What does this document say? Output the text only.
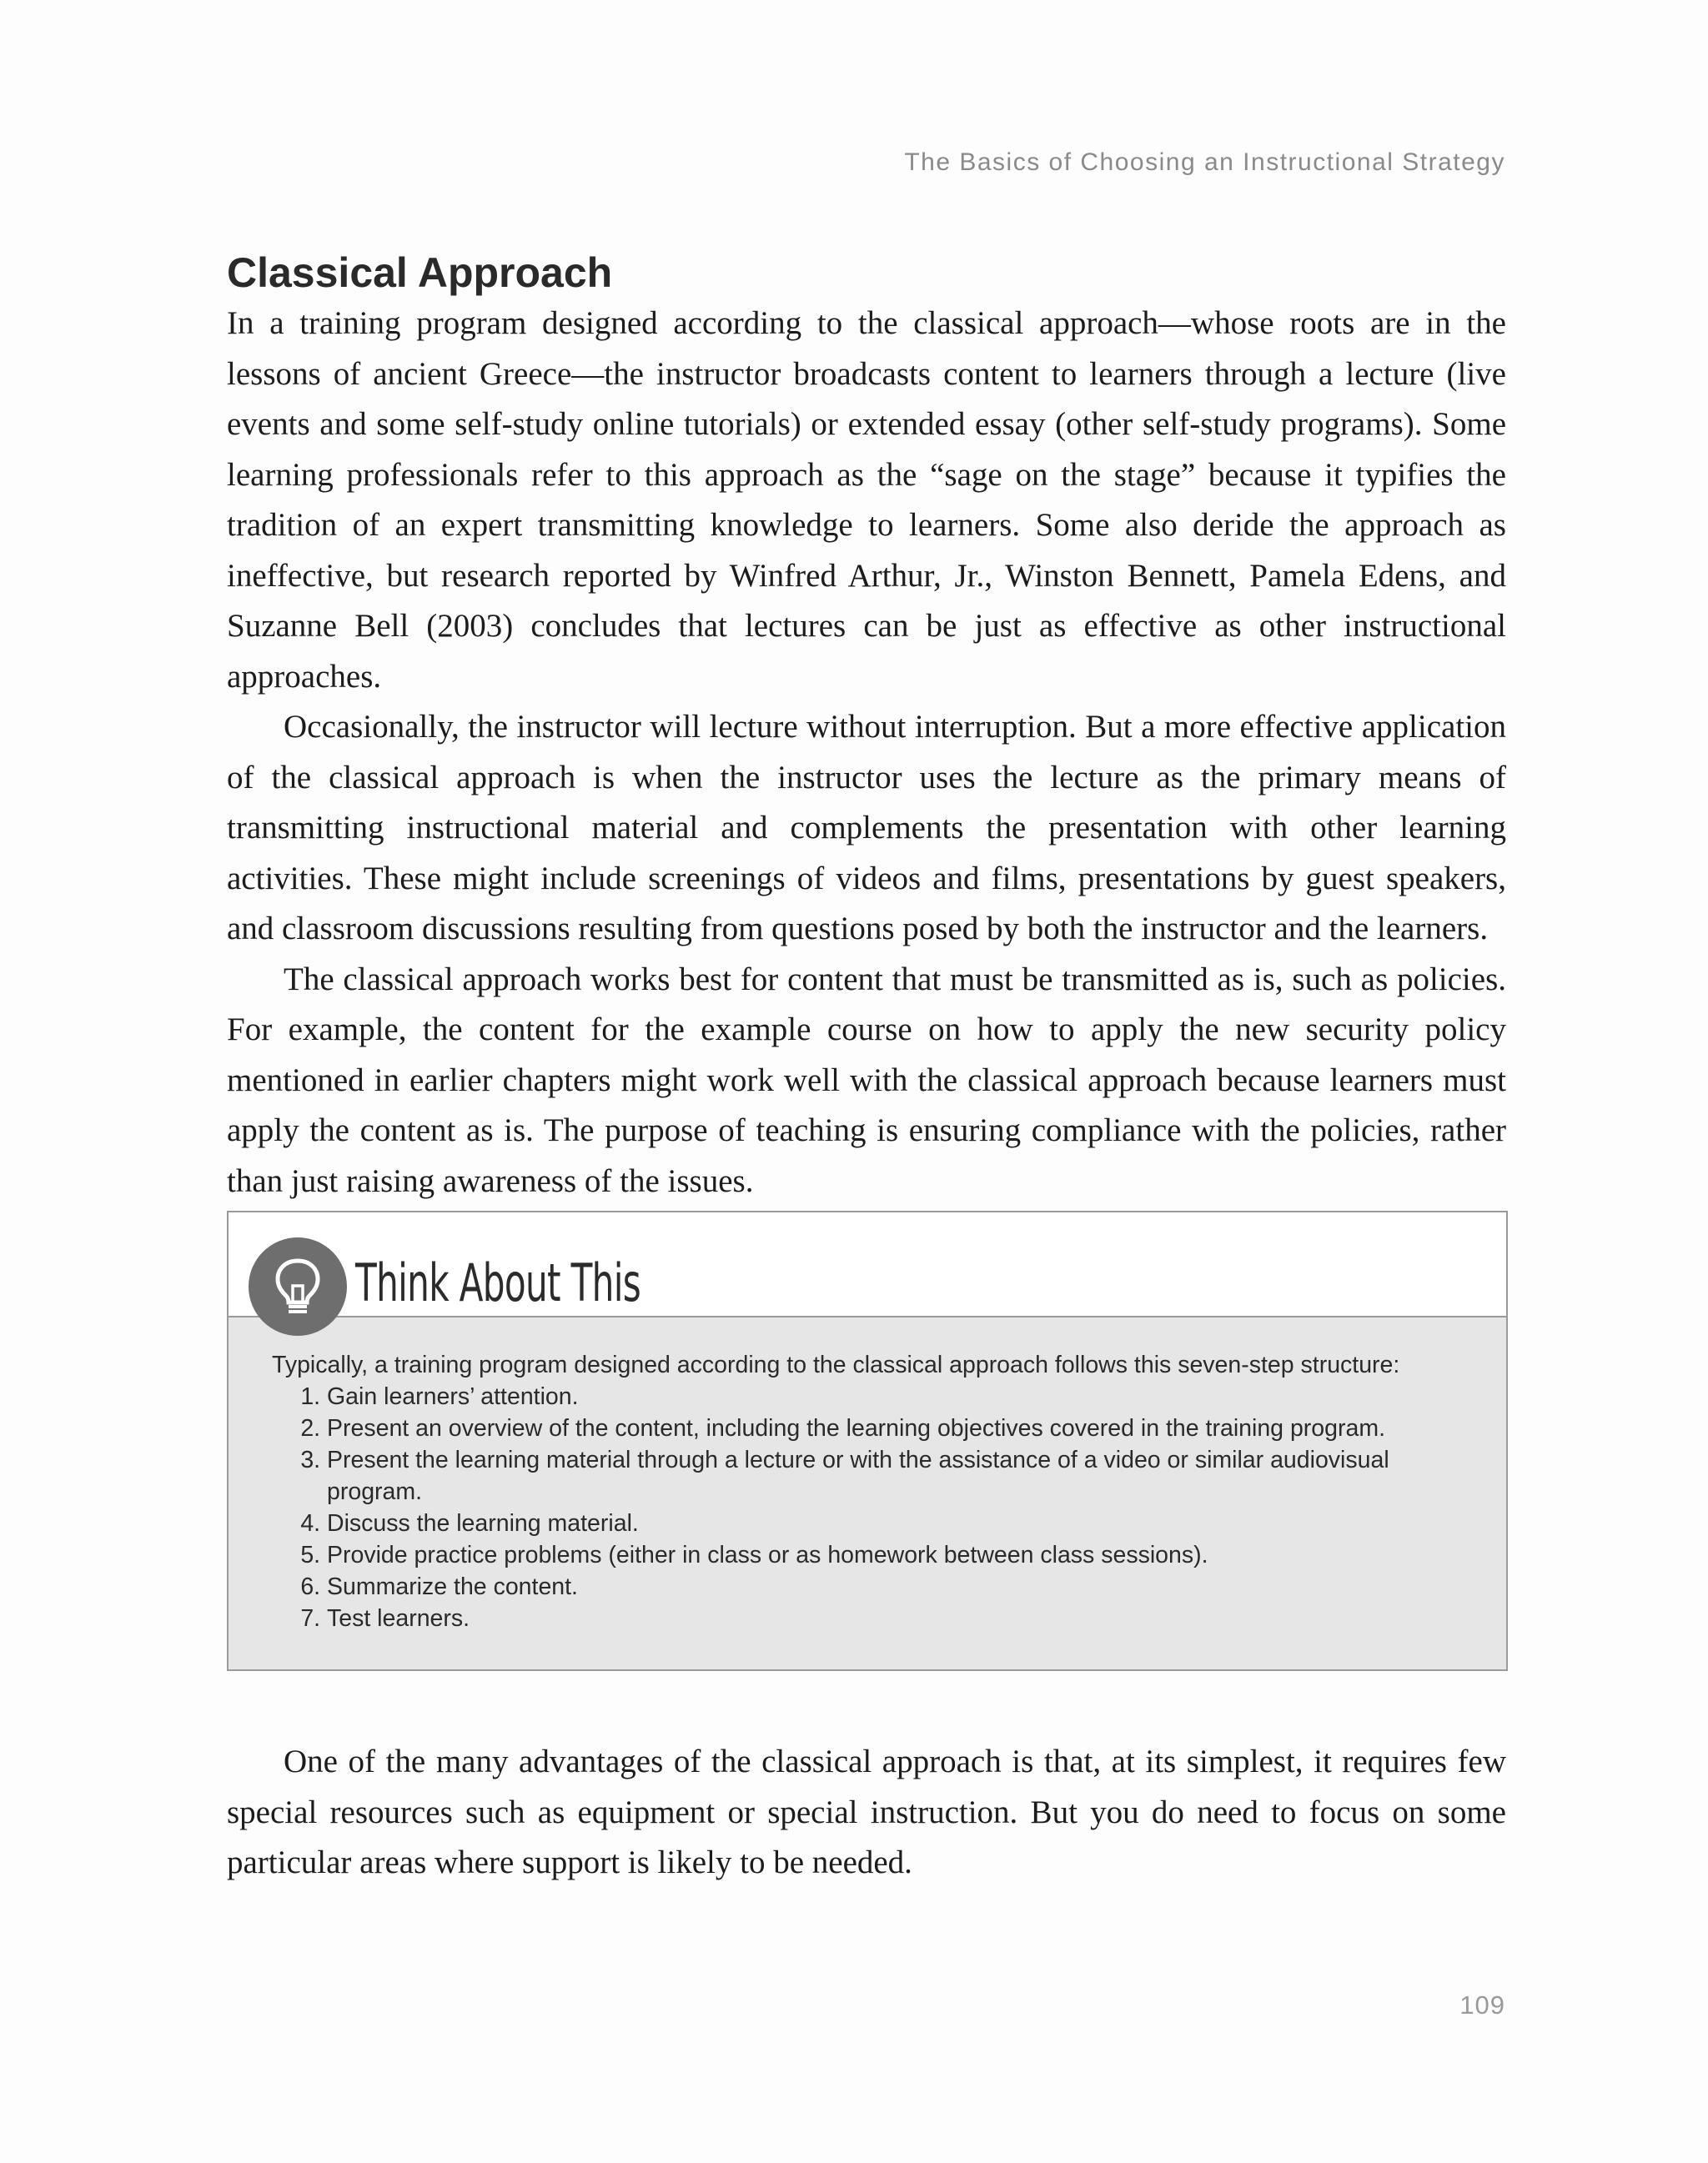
The Basics of Choosing an Instructional Strategy
Classical Approach

In a training program designed according to the classical approach—whose roots are in the lessons of ancient Greece—the instructor broadcasts content to learners through a lecture (live events and some self-study online tutorials) or extended essay (other self-study programs). Some learning professionals refer to this approach as the “sage on the stage” because it typifies the tradition of an expert transmitting knowledge to learners. Some also deride the approach as ineffective, but research reported by Winfred Arthur, Jr., Winston Bennett, Pamela Edens, and Suzanne Bell (2003) concludes that lectures can be just as effective as other instructional approaches.

Occasionally, the instructor will lecture without interruption. But a more effective application of the classical approach is when the instructor uses the lecture as the primary means of transmitting instructional material and complements the presentation with other learning activities. These might include screenings of videos and films, presentations by guest speakers, and classroom discussions resulting from questions posed by both the instructor and the learners.

The classical approach works best for content that must be transmitted as is, such as policies. For example, the content for the example course on how to apply the new security policy mentioned in earlier chapters might work well with the classical approach because learners must apply the content as is. The purpose of teaching is ensuring compliance with the policies, rather than just raising awareness of the issues.

Think About This

Typically, a training program designed according to the classical approach follows this seven-step structure:

1. Gain learners’ attention.
2. Present an overview of the content, including the learning objectives covered in the training program.
3. Present the learning material through a lecture or with the assistance of a video or similar audiovisual program.
4. Discuss the learning material.
5. Provide practice problems (either in class or as homework between class sessions).
6. Summarize the content.
7. Test learners.

One of the many advantages of the classical approach is that, at its simplest, it requires few special resources such as equipment or special instruction. But you do need to focus on some particular areas where support is likely to be needed.

109
